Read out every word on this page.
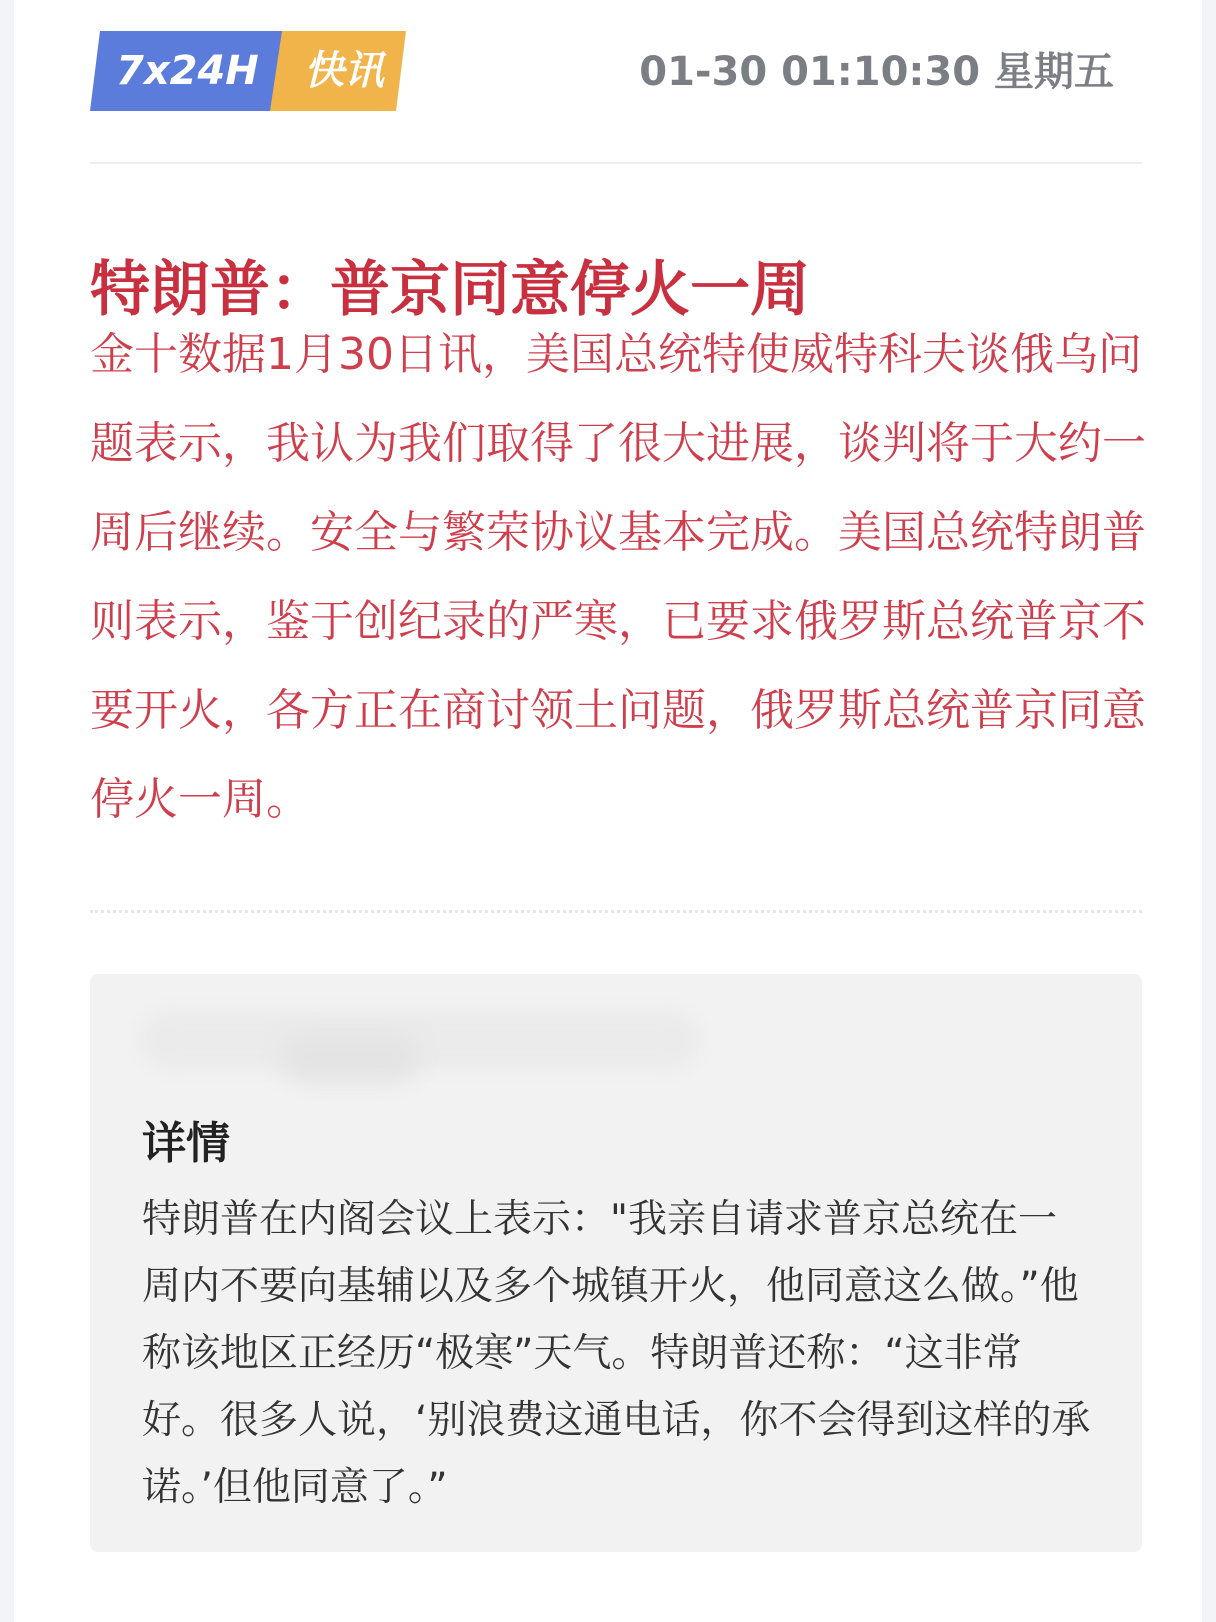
7x24H 快讯	01-30 01:10:30 星期五
特朗普：普京同意停火一周

金十数据1月30日讯，美国总统特使威特科夫谈俄乌问题表示，我认为我们取得了很大进展，谈判将于大约一周后继续。安全与繁荣协议基本完成。美国总统特朗普则表示，鉴于创纪录的严寒，已要求俄罗斯总统普京不要开火，各方正在商讨领土问题，俄罗斯总统普京同意停火一周。

详情

特朗普在内阁会议上表示："我亲自请求普京总统在一周内不要向基辅以及多个城镇开火，他同意这么做。”他称该地区正经历“极寒”天气。特朗普还称：“这非常好。很多人说，‘别浪费这通电话，你不会得到这样的承诺。’但他同意了。”
